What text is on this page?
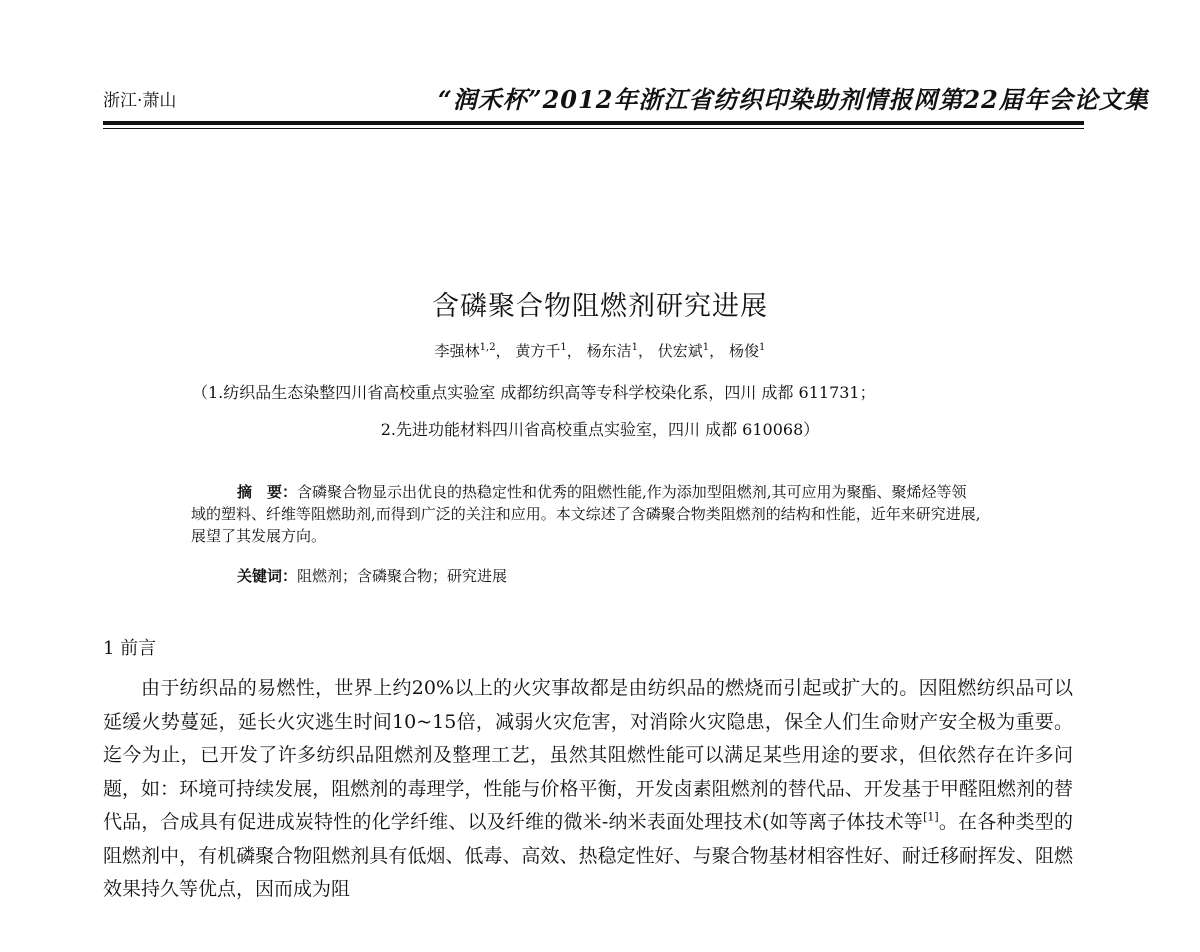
浙江·萧山	“润禾杯”2012年浙江省纺织印染助剂情报网第22届年会论文集
含磷聚合物阻燃剂研究进展
李强林$^{1,2}$， 黄方千$^1$， 杨东洁$^1$， 伏宏斌$^1$， 杨俊$^1$
（1.纺织品生态染整四川省高校重点实验室 成都纺织高等专科学校染化系，四川 成都 611731；
2.先进功能材料四川省高校重点实验室，四川 成都 610068）
摘　要：含磷聚合物显示出优良的热稳定性和优秀的阻燃性能,作为添加型阻燃剂,其可应用为聚酯、聚烯烃等领域的塑料、纤维等阻燃助剂,而得到广泛的关注和应用。本文综述了含磷聚合物类阻燃剂的结构和性能，近年来研究进展,展望了其发展方向。
关键词：阻燃剂；含磷聚合物；研究进展
1 前言
由于纺织品的易燃性，世界上约20%以上的火灾事故都是由纺织品的燃烧而引起或扩大的。因阻燃纺织品可以延缓火势蔓延，延长火灾逃生时间10~15倍，减弱火灾危害，对消除火灾隐患，保全人们生命财产安全极为重要。迄今为止，已开发了许多纺织品阻燃剂及整理工艺，虽然其阻燃性能可以满足某些用途的要求，但依然存在许多问题，如：环境可持续发展，阻燃剂的毒理学，性能与价格平衡，开发卤素阻燃剂的替代品、开发基于甲醛阻燃剂的替代品，合成具有促进成炭特性的化学纤维、以及纤维的微米-纳米表面处理技术(如等离子体技术等[1]。在各种类型的阻燃剂中，有机磷聚合物阻燃剂具有低烟、低毒、高效、热稳定性好、与聚合物基材相容性好、耐迁移耐挥发、阻燃效果持久等优点，因而成为阻
